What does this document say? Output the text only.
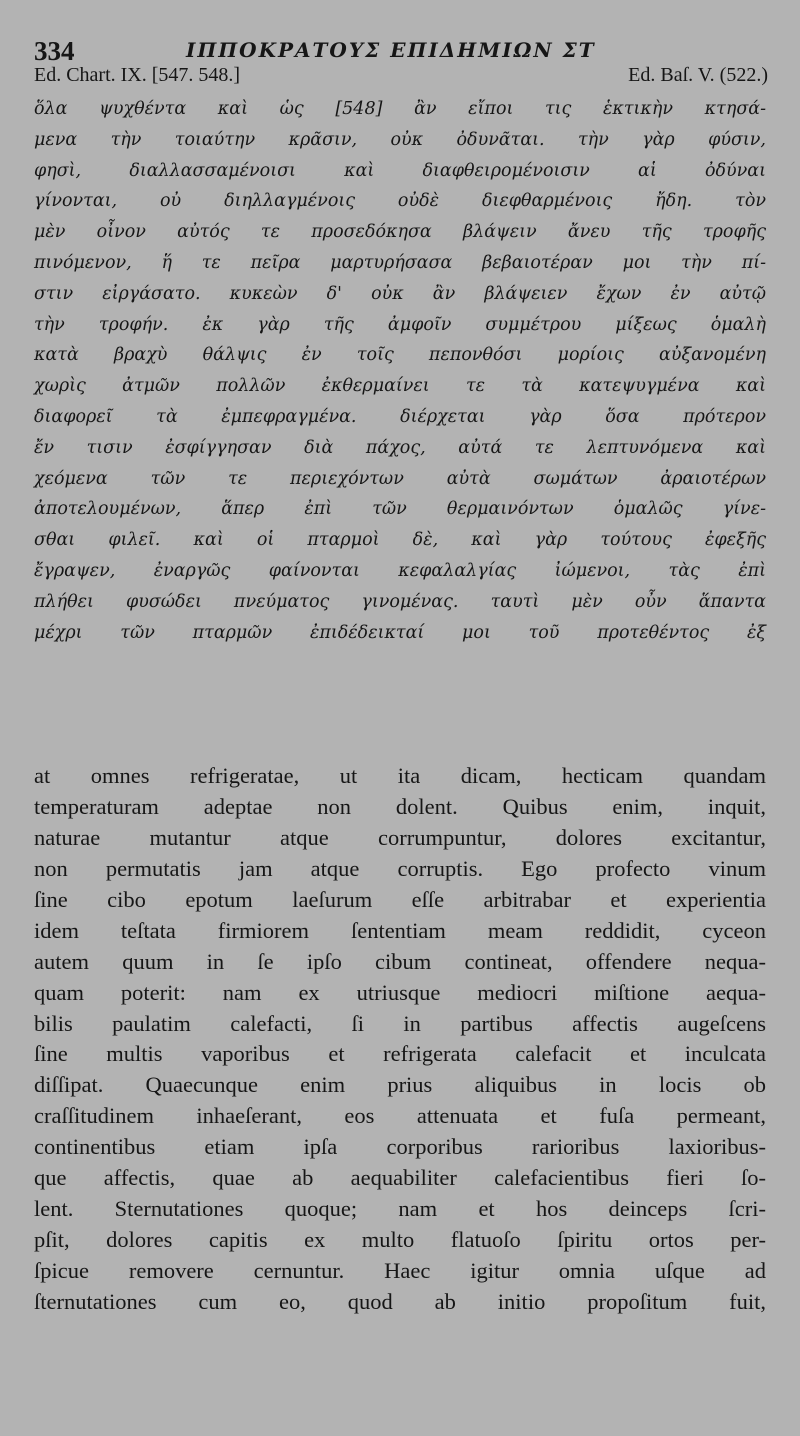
334	ΙΠΠΟΚΡΑΤΟΥΣ ΕΠΙΔΗΜΙΩΝ ΣΤ
Ed. Chart. IX. [547. 548.]	Ed. Baſ. V. (522.)
ὅλα ψυχθέντα καὶ ὡς [548] ἂν εἴποι τις ἑκτικὴν κτησά-
μενα τὴν τοιαύτην κρᾶσιν, οὐκ ὀδυνᾶται. τὴν γὰρ φύσιν,
φησὶ, διαλλασσαμένοισι καὶ διαφθειρομένοισιν αἱ ὀδύναι
γίνονται, οὐ διηλλαγμένοις οὐδὲ διεφθαρμένοις ἤδη. τὸν
μὲν οἶνον αὐτός τε προσεδόκησα βλάψειν ἄνευ τῆς τροφῆς
πινόμενον, ἥ τε πεῖρα μαρτυρήσασα βεβαιοτέραν μοι τὴν πί-
στιν εἰργάσατο. κυκεὼν δ' οὐκ ἂν βλάψειεν ἔχων ἐν αὐτῷ
τὴν τροφήν. ἐκ γὰρ τῆς ἀμφοῖν συμμέτρου μίξεως ὁμαλὴ
κατὰ βραχὺ θάλψις ἐν τοῖς πεπονθόσι μορίοις αὐξανομένη
χωρὶς ἀτμῶν πολλῶν ἐκθερμαίνει τε τὰ κατεψυγμένα καὶ
διαφορεῖ τὰ ἐμπεφραγμένα. διέρχεται γὰρ ὅσα πρότερον
ἔν τισιν ἐσφίγγησαν διὰ πάχος, αὐτά τε λεπτυνόμενα καὶ
χεόμενα τῶν τε περιεχόντων αὐτὰ σωμάτων ἀραιοτέρων
ἀποτελουμένων, ἅπερ ἐπὶ τῶν θερμαινόντων ὁμαλῶς γίνε-
σθαι φιλεῖ. καὶ οἱ πταρμοὶ δὲ, καὶ γὰρ τούτους ἐφεξῆς
ἔγραψεν, ἐναργῶς φαίνονται κεφαλαλγίας ἰώμενοι, τὰς ἐπὶ
πλήθει φυσώδει πνεύματος γινομένας. ταυτὶ μὲν οὖν ἅπαντα
μέχρι τῶν πταρμῶν ἐπιδέδεικταί μοι τοῦ προτεθέντος ἐξ
at omnes refrigeratae, ut ita dicam, hecticam quandam
temperaturam adeptae non dolent. Quibus enim, inquit,
naturae mutantur atque corrumpuntur, dolores excitantur,
non permutatis jam atque corruptis. Ego profecto vinum
ſine cibo epotum laeſurum eſſe arbitrabar et experientia
idem teſtata firmiorem ſententiam meam reddidit, cyceon
autem quum in ſe ipſo cibum contineat, offendere nequa-
quam poterit: nam ex utriusque mediocri miſtione aequa-
bilis paulatim calefacti, ſi in partibus affectis augeſcens
ſine multis vaporibus et refrigerata calefacit et inculcata
diſſipat. Quaecunque enim prius aliquibus in locis ob
craſſitudinem inhaeſerant, eos attenuata et fuſa permeant,
continentibus etiam ipſa corporibus rarioribus laxioribus-
que affectis, quae ab aequabiliter calefacientibus fieri ſo-
lent. Sternutationes quoque; nam et hos deinceps ſcri-
pſit, dolores capitis ex multo flatuoſo ſpiritu ortos per-
ſpicue removere cernuntur. Haec igitur omnia uſque ad
ſternutationes cum eo, quod ab initio propoſitum fuit,
